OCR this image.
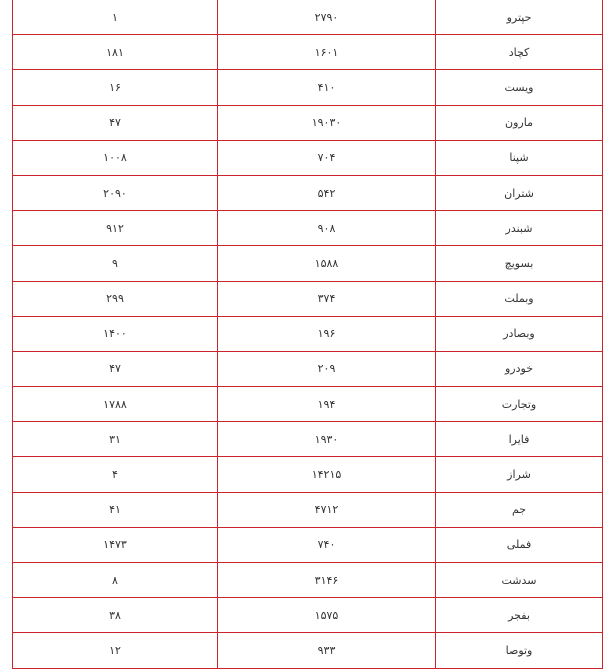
حپترو	۲۷۹۰	۱
کچاد	۱۶۰۱	۱۸۱
ویست	۴۱۰	۱۶
مارون	۱۹۰۳۰	۴۷
شپنا	۷۰۴	۱۰۰۸
شتران	۵۴۲	۲۰۹۰
شبندر	۹۰۸	۹۱۲
بسویچ	۱۵۸۸	۹
وبملت	۳۷۴	۲۹۹
وبصادر	۱۹۶	۱۴۰۰
خودرو	۲۰۹	۴۷
وتجارت	۱۹۴	۱۷۸۸
فایرا	۱۹۳۰	۳۱
شراز	۱۴۲۱۵	۴
جم	۴۷۱۲	۴۱
فملی	۷۴۰	۱۴۷۳
سدشت	۳۱۴۶	۸
بفجر	۱۵۷۵	۳۸
وتوصا	۹۳۳	۱۲
